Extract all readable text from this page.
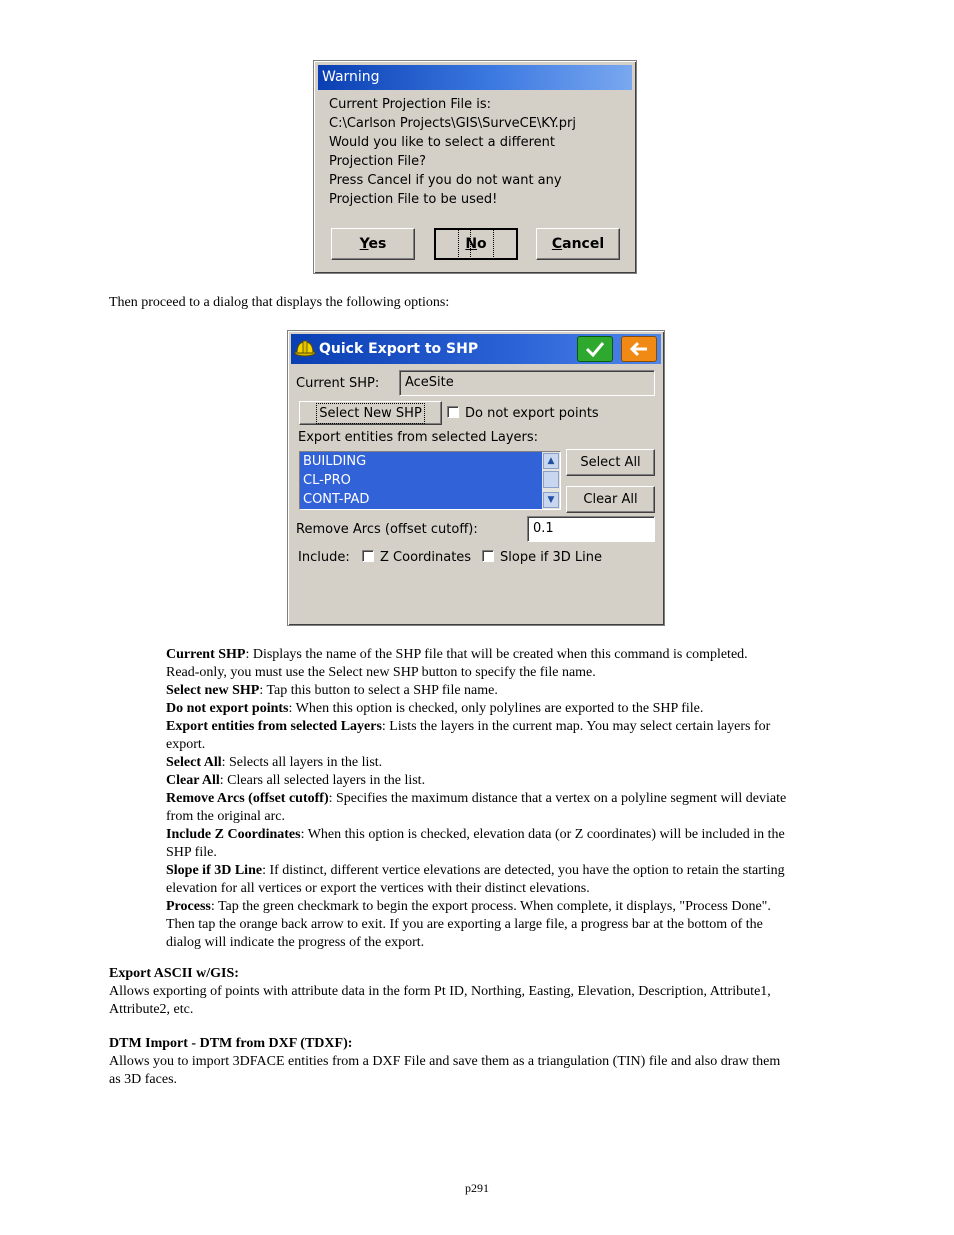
Warning
Current Projection File is:
C:\Carlson Projects\GIS\SurveCE\KY.prj
Would you like to select a different
Projection File?
Press Cancel if you do not want any
Projection File to be used!
Yes	No	Cancel
Then proceed to a dialog that displays the following options:
Quick Export to SHP
Current SHP:	AceSite
Select New SHP	Do not export points
Export entities from selected Layers:
BUILDING
CL-PRO
CONT-PAD
▲
▼
Select All
Clear All
Remove Arcs (offset cutoff):	0.1
Include: Z Coordinates Slope if 3D Line
Current SHP: Displays the name of the SHP file that will be created when this command is completed.
Read-only, you must use the Select new SHP button to specify the file name.
Select new SHP: Tap this button to select a SHP file name.
Do not export points: When this option is checked, only polylines are exported to the SHP file.
Export entities from selected Layers: Lists the layers in the current map. You may select certain layers for
export.
Select All: Selects all layers in the list.
Clear All: Clears all selected layers in the list.
Remove Arcs (offset cutoff): Specifies the maximum distance that a vertex on a polyline segment will deviate
from the original arc.
Include Z Coordinates: When this option is checked, elevation data (or Z coordinates) will be included in the
SHP file.
Slope if 3D Line: If distinct, different vertice elevations are detected, you have the option to retain the starting
elevation for all vertices or export the vertices with their distinct elevations.
Process: Tap the green checkmark to begin the export process. When complete, it displays, "Process Done".
Then tap the orange back arrow to exit. If you are exporting a large file, a progress bar at the bottom of the
dialog will indicate the progress of the export.
Export ASCII w/GIS:
Allows exporting of points with attribute data in the form Pt ID, Northing, Easting, Elevation, Description, Attribute1,
Attribute2, etc.
DTM Import - DTM from DXF (TDXF):
Allows you to import 3DFACE entities from a DXF File and save them as a triangulation (TIN) file and also draw them
as 3D faces.
p291
